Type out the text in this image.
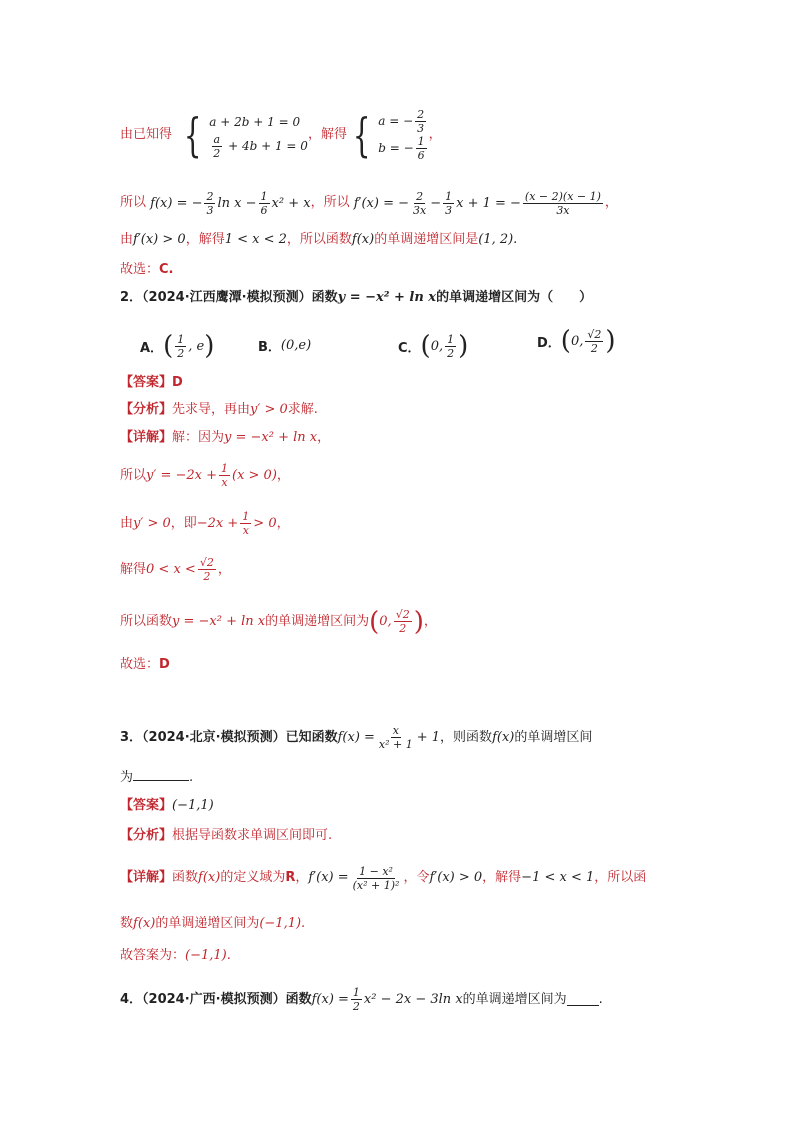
由已知得 { a + 2b + 1 = 0
$\frac{a}{2} + 4b + 1 = 0$
，解得 { a = − $\frac{2}{3}$
b = − $\frac{1}{6}$
，
所以 f(x) = − $\frac{2}{3}$ $\ln x - \frac{1}{6} x^2 + x$ ，所以 f′(x) = − $\frac{2}{3x} - \frac{1}{3}$ x + 1 = − $\frac{(x - 2)(x - 1)}{3x}$ ，
由f′(x) > 0，解得1 < x < 2，所以函数f(x)的单调递增区间是(1, 2).
故选：C.
2．（2024·江西鹰潭·模拟预测）函数y = −x² + ln x的单调递增区间为（　　）
A． ( $\frac{1}{2}$ , e )	B． (0,e)	C． ( 0, $\frac{1}{2}$ )	D． ( 0, $\frac{√2}{2}$ )
【答案】D
【分析】先求导，再由y′ > 0求解.
【详解】解：因为y = −x² + ln x，
所以 $y' = -2x + \frac{1}{x} (x > 0)$ ，
由 y′ > 0 ，即 $-2x + \frac{1}{x} > 0$ ，
解得 $0 < x < \frac{√2}{2}$ ，
所以函数 y = −x² + ln x 的单调递增区间为 ( 0, $\frac{√2}{2}$ ) ，
故选：D
3．（2024·北京·模拟预测）已知函数 $f(x) = \frac{x}{\text{x² + 1}} + 1$ ，则函数 f(x) 的单调增区间
为	.
【答案】(−1,1)
【分析】根据导函数求单调区间即可.
【详解】 函数 f(x) 的定义域为 R ， $f'(x) = \frac{\text{1 − x²}}{\text{(x² + 1)²}}$ ，令 f′(x) > 0 ，解得 −1 < x < 1 ，所以函
数f(x)的单调递增区间为(−1,1).
故答案为：(−1,1).
4．（2024·广西·模拟预测）函数 $f(x) = \frac{1}{2} x^2 - 2x - 3\ln$ x 的单调递增区间为 .
